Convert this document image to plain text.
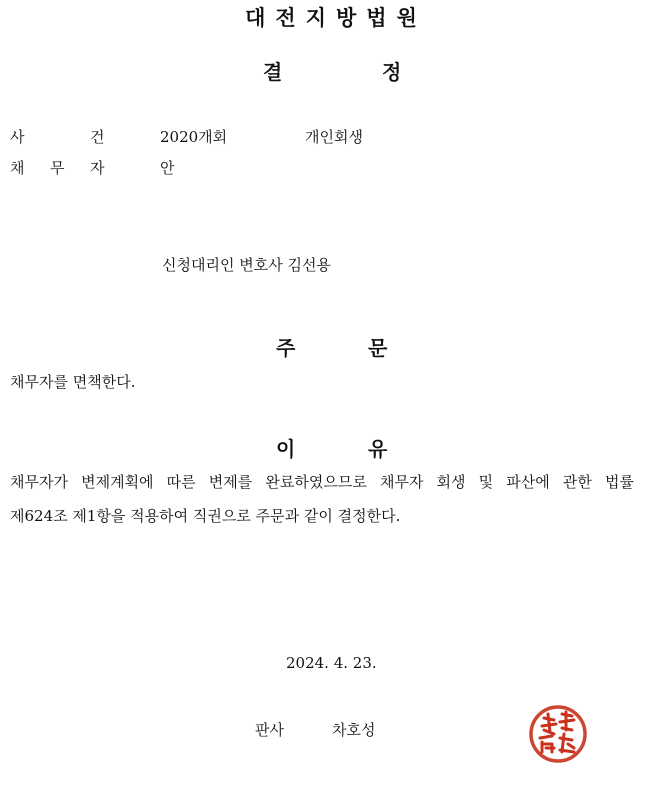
대전지방법원
결	정
사	건	2020개회	개인회생
채 무 자	안
신청대리인 변호사 김선용
주	문
채무자를 면책한다.
이	유
채무자가 변제계획에 따른 변제를 완료하였으므로 채무자 회생 및 파산에 관한 법률
제624조 제1항을 적용하여 직권으로 주문과 같이 결정한다.
2024. 4. 23.
판사	차호성
